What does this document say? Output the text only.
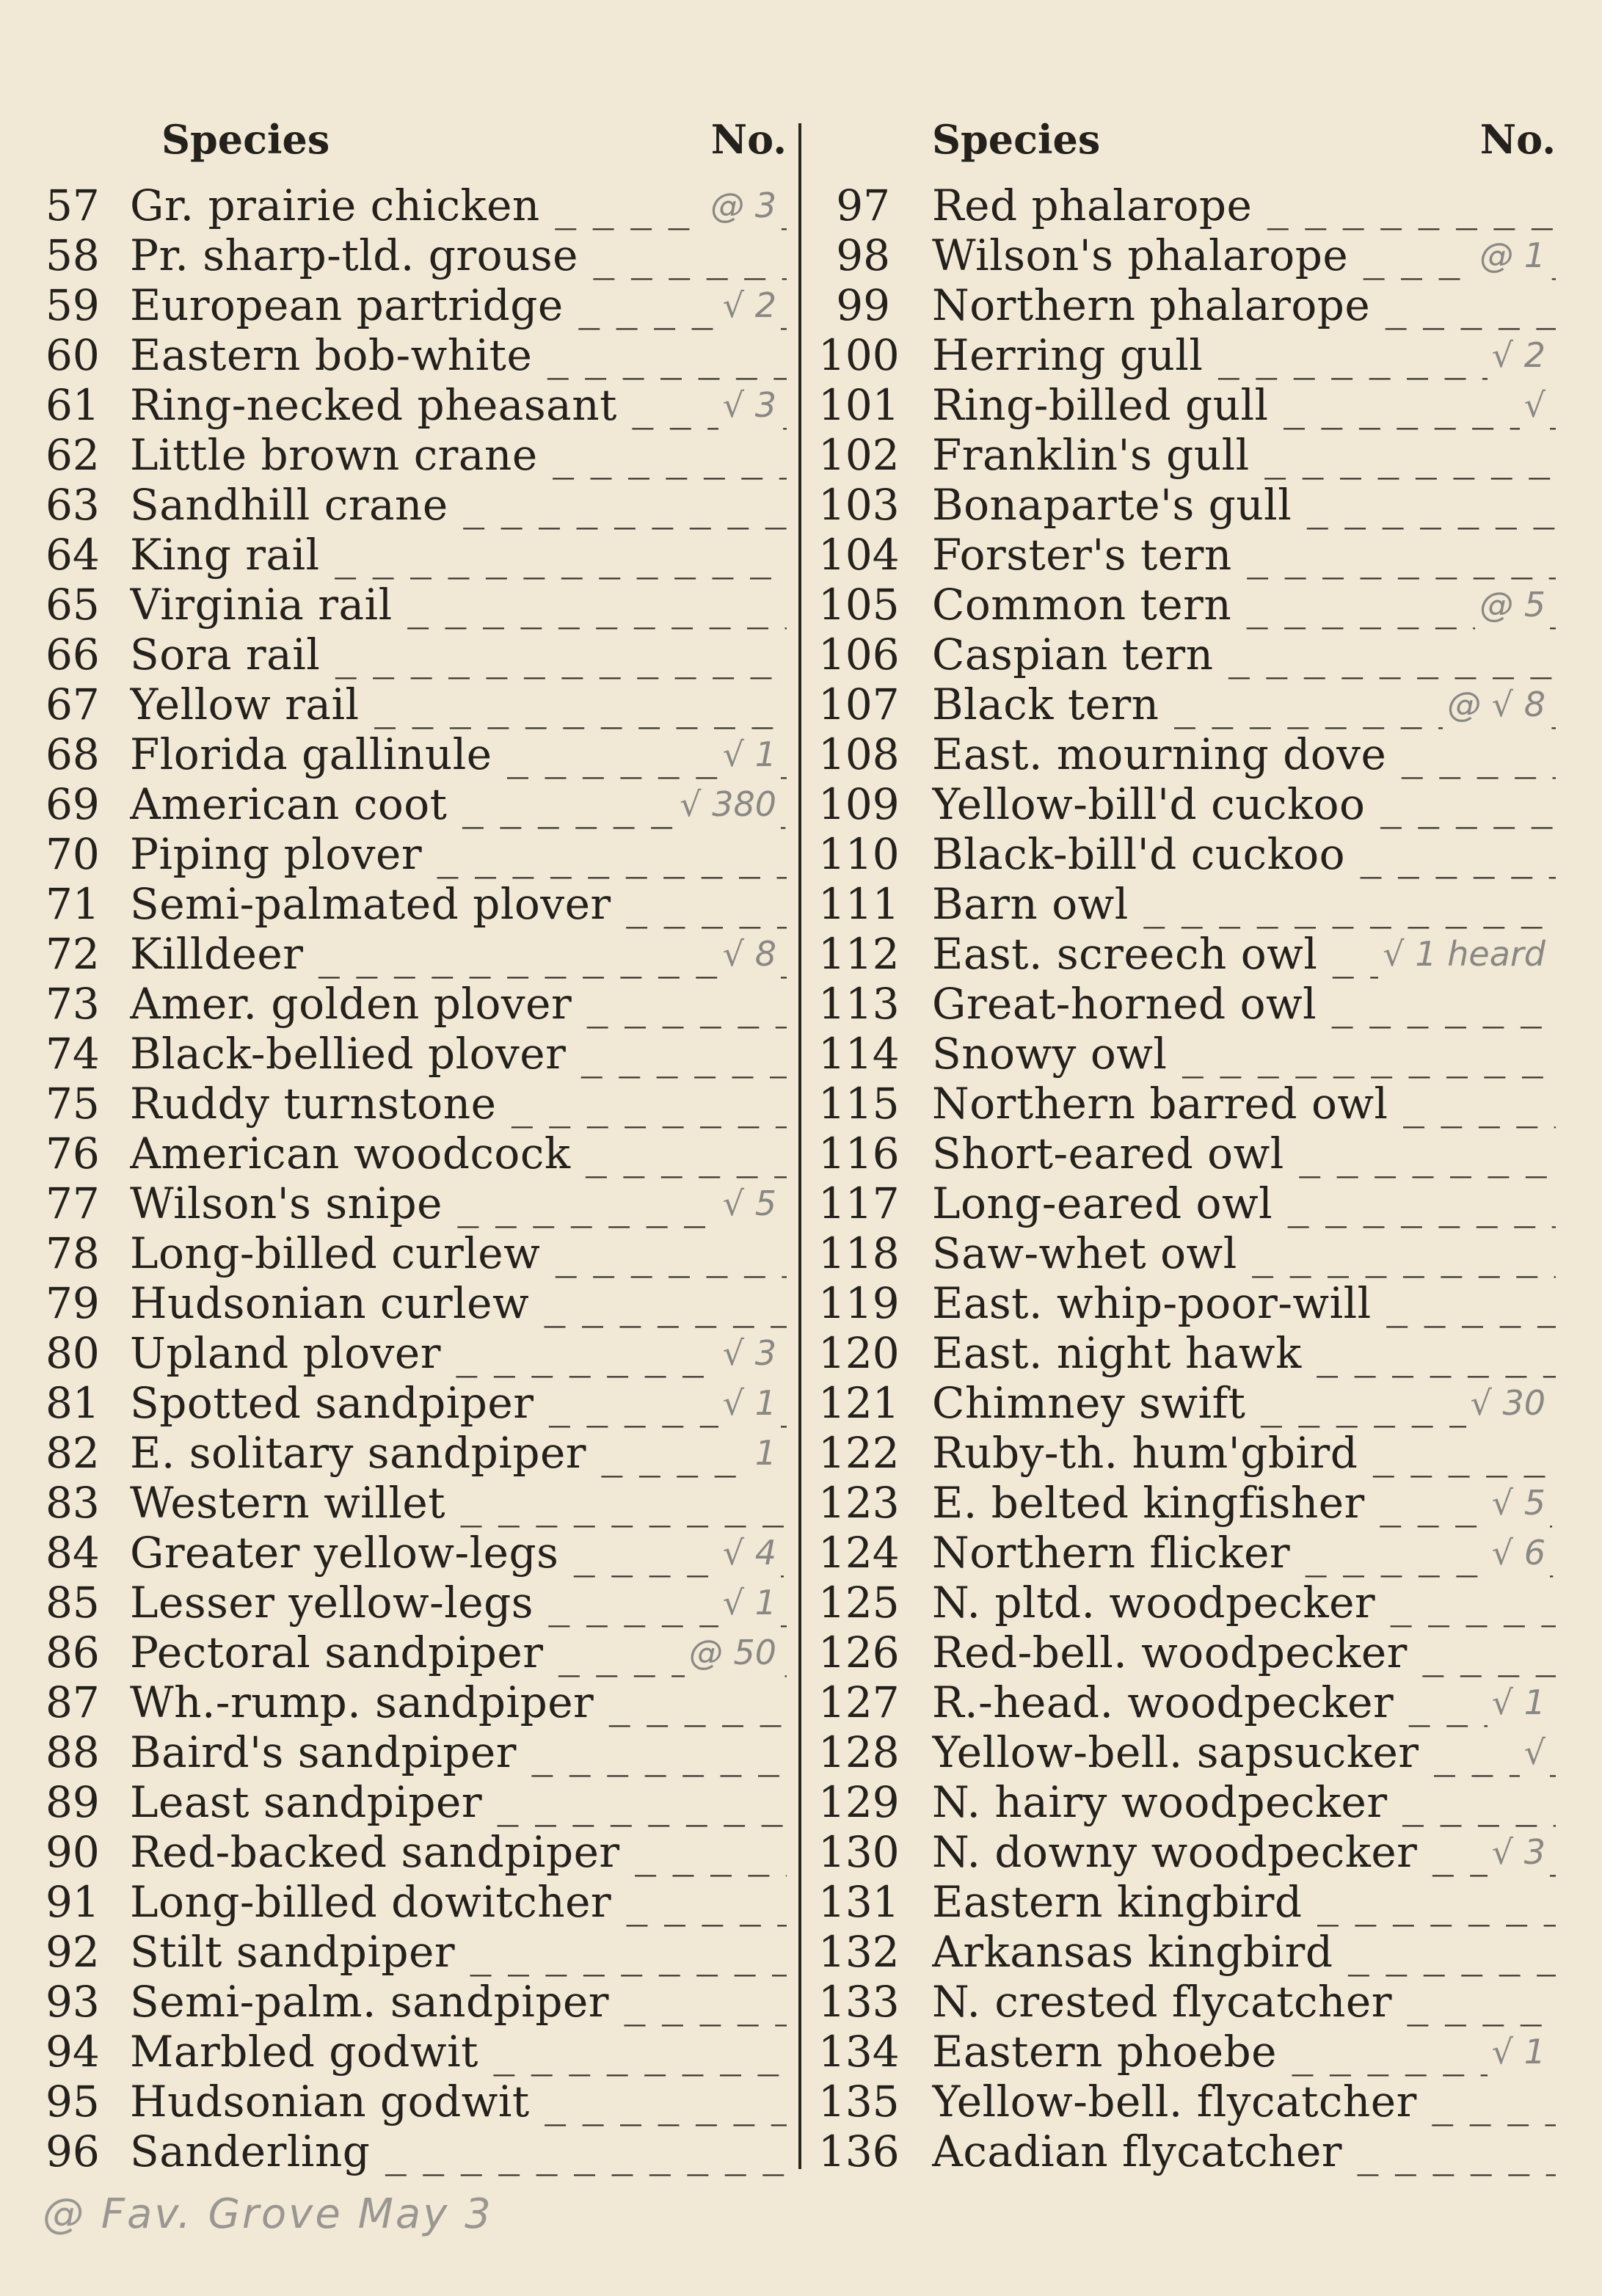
Species	No.
57 Gr. prairie chicken _ _ _	@ 3
58 Pr. sharp-tld. grouse _ _ _
59 European partridge _ _ _	√ 2
60 Eastern bob-white _ _ _
61 Ring-necked pheasant _ _ _	√ 3
62 Little brown crane _ _ _
63 Sandhill crane _ _ _
64 King rail _ _ _
65 Virginia rail _ _ _
66 Sora rail _ _ _
67 Yellow rail _ _ _
68 Florida gallinule _ _ _	√ 1
69 American coot _ _ _	√ 380
70 Piping plover _ _ _
71 Semi-palmated plover _ _ _
72 Killdeer _ _ _	√ 8
73 Amer. golden plover _ _ _
74 Black-bellied plover _ _ _
75 Ruddy turnstone _ _ _
76 American woodcock _ _ _
77 Wilson's snipe _ _ _	√ 5
78 Long-billed curlew _ _ _
79 Hudsonian curlew _ _ _
80 Upland plover _ _ _	√ 3
81 Spotted sandpiper _ _ _	√ 1
82 E. solitary sandpiper _ _ _	1
83 Western willet _ _ _
84 Greater yellow-legs _ _ _	√ 4
85 Lesser yellow-legs _ _ _	√ 1
86 Pectoral sandpiper _ _ _	@ 50
87 Wh.-rump. sandpiper _ _ _
88 Baird's sandpiper _ _ _
89 Least sandpiper _ _ _
90 Red-backed sandpiper _ _ _
91 Long-billed dowitcher _ _ _
92 Stilt sandpiper _ _ _
93 Semi-palm. sandpiper _ _ _
94 Marbled godwit _ _ _
95 Hudsonian godwit _ _ _
96 Sanderling _ _ _
Species	No.
97 Red phalarope _ _ _
98 Wilson's phalarope _ _ _	@ 1
99 Northern phalarope _ _ _
100 Herring gull _ _ _	√ 2
101 Ring-billed gull _ _ _	√
102 Franklin's gull _ _ _
103 Bonaparte's gull _ _ _
104 Forster's tern _ _ _
105 Common tern _ _ _	@ 5
106 Caspian tern _ _ _
107 Black tern _ _ _	@ √ 8
108 East. mourning dove _ _ _
109 Yellow-bill'd cuckoo _ _ _
110 Black-bill'd cuckoo _ _ _
111 Barn owl _ _ _
112 East. screech owl _ _ _	√ 1 heard
113 Great-horned owl _ _ _
114 Snowy owl _ _ _
115 Northern barred owl _ _ _
116 Short-eared owl _ _ _
117 Long-eared owl _ _ _
118 Saw-whet owl _ _ _
119 East. whip-poor-will _ _ _
120 East. night hawk _ _ _
121 Chimney swift _ _ _	√ 30
122 Ruby-th. hum'gbird _ _ _
123 E. belted kingfisher _ _ _	√ 5
124 Northern flicker _ _ _	√ 6
125 N. pltd. woodpecker _ _ _
126 Red-bell. woodpecker _ _ _
127 R.-head. woodpecker _ _ _	√ 1
128 Yellow-bell. sapsucker _ _ _	√
129 N. hairy woodpecker _ _ _
130 N. downy woodpecker _ _ _	√ 3
131 Eastern kingbird _ _ _
132 Arkansas kingbird _ _ _
133 N. crested flycatcher _ _ _
134 Eastern phoebe _ _ _	√ 1
135 Yellow-bell. flycatcher _ _ _
136 Acadian flycatcher _ _ _
@ Fav. Grove May 3
